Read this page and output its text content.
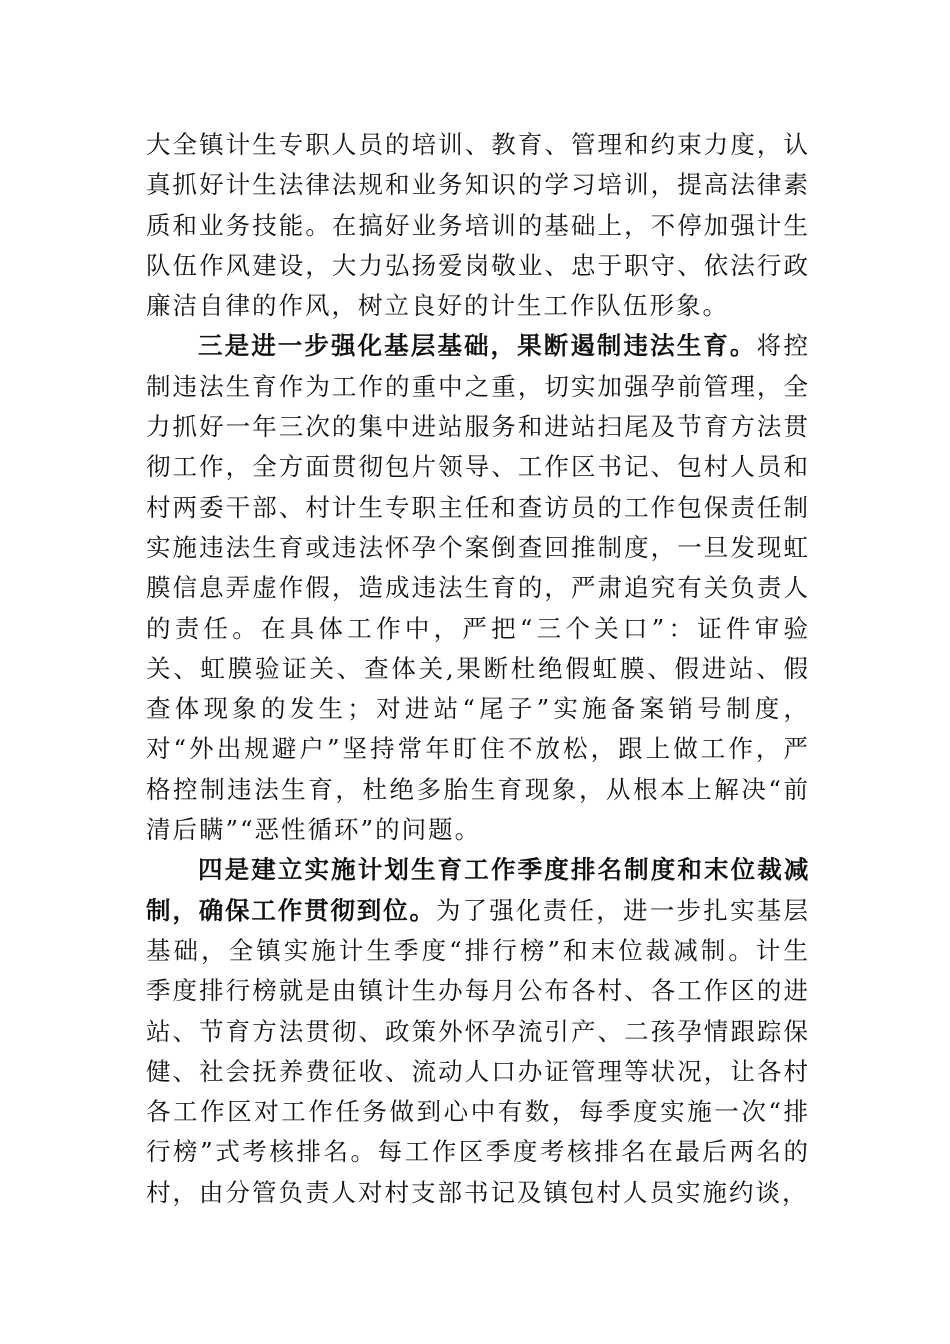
大全镇计生专职人员的培训、教育、管理和约束力度，认真抓好计生法律法规和业务知识的学习培训，提高法律素质和业务技能。在搞好业务培训的基础上，不停加强计生队伍作风建设，大力弘扬爱岗敬业、忠于职守、依法行政廉洁自律的作风，树立良好的计生工作队伍形象。

三是进一步强化基层基础，果断遏制违法生育。将控制违法生育作为工作的重中之重，切实加强孕前管理，全力抓好一年三次的集中进站服务和进站扫尾及节育方法贯彻工作，全方面贯彻包片领导、工作区书记、包村人员和村两委干部、村计生专职主任和查访员的工作包保责任制实施违法生育或违法怀孕个案倒查回推制度，一旦发现虹膜信息弄虚作假，造成违法生育的，严肃追究有关负责人的责任。在具体工作中，严把“三个关口”：证件审验关、虹膜验证关、查体关,果断杜绝假虹膜、假进站、假查体现象的发生；对进站“尾子”实施备案销号制度，对“外出规避户”坚持常年盯住不放松，跟上做工作，严格控制违法生育，杜绝多胎生育现象，从根本上解决“前清后瞒”“恶性循环”的问题。

四是建立实施计划生育工作季度排名制度和末位裁减制，确保工作贯彻到位。为了强化责任，进一步扎实基层基础，全镇实施计生季度“排行榜”和末位裁减制。计生季度排行榜就是由镇计生办每月公布各村、各工作区的进站、节育方法贯彻、政策外怀孕流引产、二孩孕情跟踪保健、社会抚养费征收、流动人口办证管理等状况，让各村各工作区对工作任务做到心中有数，每季度实施一次“排行榜”式考核排名。每工作区季度考核排名在最后两名的村，由分管负责人对村支部书记及镇包村人员实施约谈，
